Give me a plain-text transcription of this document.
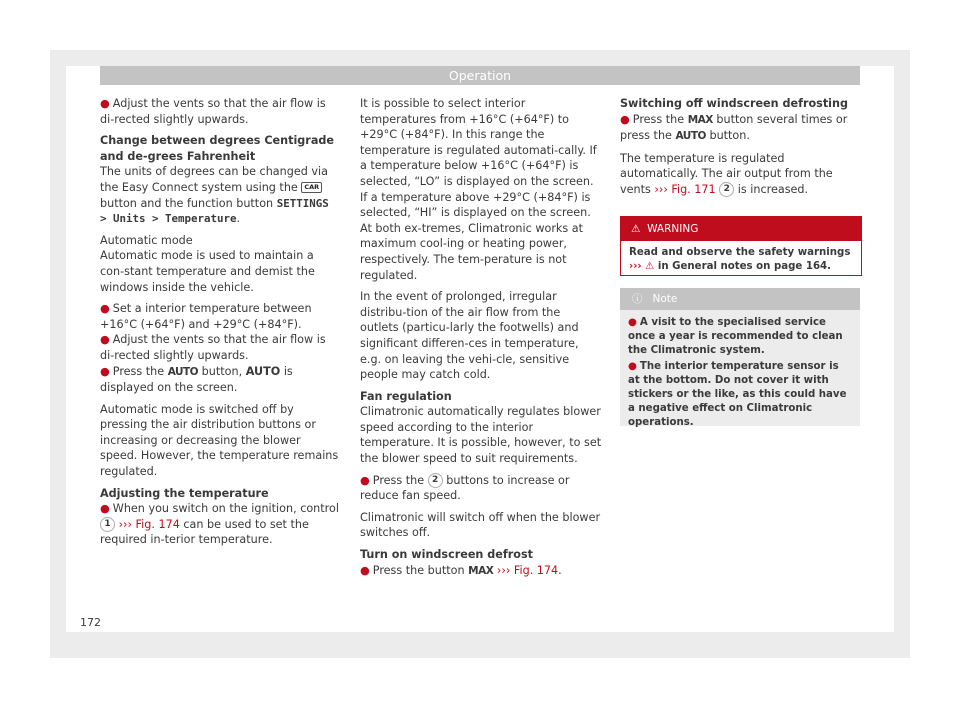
Operation

● Adjust the vents so that the air flow is di-rected slightly upwards.

Change between degrees Centigrade and de-grees Fahrenheit

The units of degrees can be changed via the Easy Connect system using the CAR button and the function button SETTINGS > Units > Temperature.

Automatic mode

Automatic mode is used to maintain a con-stant temperature and demist the windows inside the vehicle.

● Set a interior temperature between +16°C (+64°F) and +29°C (+84°F).

● Adjust the vents so that the air flow is di-rected slightly upwards.

● Press the AUTO button, AUTO is displayed on the screen.

Automatic mode is switched off by pressing the air distribution buttons or increasing or decreasing the blower speed. However, the temperature remains regulated.

Adjusting the temperature

● When you switch on the ignition, control 1 ››› Fig. 174 can be used to set the required in-terior temperature.

It is possible to select interior temperatures from +16°C (+64°F) to +29°C (+84°F). In this range the temperature is regulated automati-cally. If a temperature below +16°C (+64°F) is selected, “LO” is displayed on the screen. If a temperature above +29°C (+84°F) is selected, “HI” is displayed on the screen. At both ex-tremes, Climatronic works at maximum cool-ing or heating power, respectively. The tem-perature is not regulated.

In the event of prolonged, irregular distribu-tion of the air flow from the outlets (particu-larly the footwells) and significant differen-ces in temperature, e.g. on leaving the vehi-cle, sensitive people may catch cold.

Fan regulation

Climatronic automatically regulates blower speed according to the interior temperature. It is possible, however, to set the blower speed to suit requirements.

● Press the 2 buttons to increase or reduce fan speed.

Climatronic will switch off when the blower switches off.

Turn on windscreen defrost

● Press the button MAX ››› Fig. 174.

Switching off windscreen defrosting

● Press the MAX button several times or press the AUTO button.

The temperature is regulated automatically. The air output from the vents ››› Fig. 171 2 is increased.

⚠ WARNING
Read and observe the safety warnings ››› ⚠ in General notes on page 164.
ⓘ Note

● A visit to the specialised service once a year is recommended to clean the Climatronic system.

● The interior temperature sensor is at the bottom. Do not cover it with stickers or the like, as this could have a negative effect on Climatronic operations.

172
